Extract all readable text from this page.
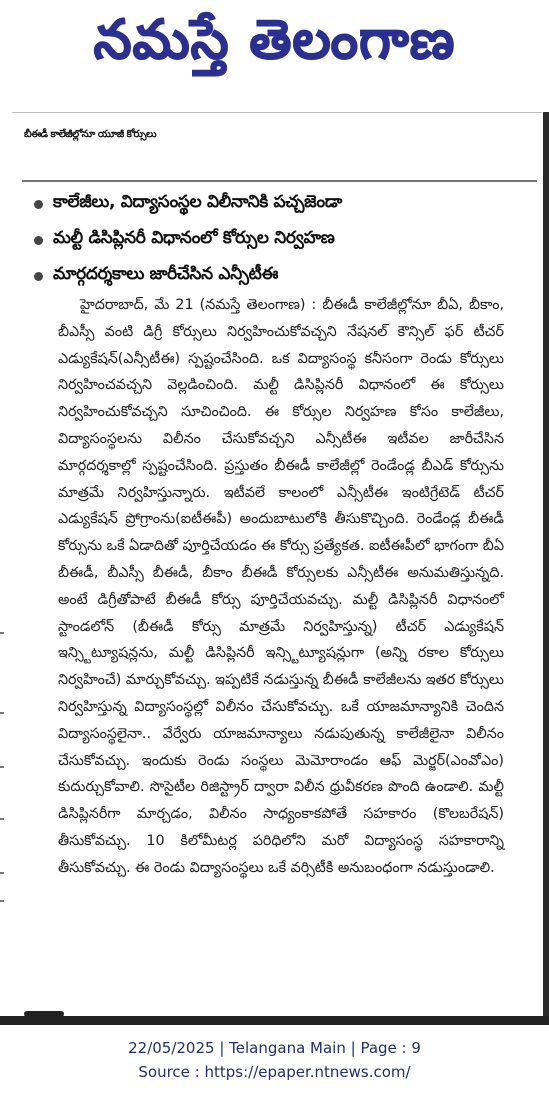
నమస్తే తెలంగాణ
బీఈడీ కాలేజీల్లోనూ యూజీ కోర్సులు
కాలేజీలు, విద్యాసంస్థల విలీనానికి పచ్చజెండా
మల్టీ డిసిప్లినరీ విధానంలో కోర్సుల నిర్వహణ
మార్గదర్శకాలు జారీచేసిన ఎన్సీటీఈ

హైదరాబాద్, మే 21 (నమస్తే తెలంగాణ) : బీఈడీ కాలేజీల్లోనూ బీఏ, బీకాం, బీఎస్సీ వంటి డిగ్రీ కోర్సులు నిర్వహించుకోవచ్చని నేషనల్ కౌన్సిల్ ఫర్ టీచర్ ఎడ్యుకేషన్(ఎన్సీటీఈ) స్పష్టంచేసింది. ఒక విద్యాసంస్థ కనీసంగా రెండు కోర్సులు నిర్వహించవచ్చని వెల్లడించింది. మల్టీ డిసిప్లినరీ విధానంలో ఈ కోర్సులు నిర్వహించుకోవచ్చని సూచించింది. ఈ కోర్సుల నిర్వహణ కోసం కాలేజీలు, విద్యాసంస్థలను విలీనం చేసుకోవచ్చని ఎన్సీటీఈ ఇటీవల జారీచేసిన మార్గదర్శకాల్లో స్పష్టంచేసింది. ప్రస్తుతం బీఈడీ కాలేజీల్లో రెండేండ్ల బీఎడ్ కోర్సును మాత్రమే నిర్వహిస్తున్నారు. ఇటీవలే కాలంలో ఎన్సీటీఈ ఇంటిగ్రేటెడ్ టీచర్ ఎడ్యుకేషన్ ప్రోగ్రాంను(ఐటీఈపీ) అందుబాటులోకి తీసుకొచ్చింది. రెండేండ్ల బీఈడీ కోర్సును ఒకే ఏడాదితో పూర్తిచేయడం ఈ కోర్సు ప్రత్యేకత. ఐటీఈపీలో భాగంగా బీఏ బీఈడీ, బీఎస్సీ బీఈడీ, బీకాం బీఈడీ కోర్సులకు ఎన్సీటీఈ అనుమతిస్తున్నది. అంటే డిగ్రీతోపాటే బీఈడీ కోర్సు పూర్తిచేయవచ్చు. మల్టీ డిసిప్లినరీ విధానంలో స్టాండలోన్ (బీఈడీ కోర్సు మాత్రమే నిర్వహిస్తున్న) టీచర్ ఎడ్యుకేషన్ ఇన్స్టిట్యూషన్లను, మల్టీ డిసిప్లినరీ ఇన్స్టిట్యూషన్లుగా (అన్ని రకాల కోర్సులు నిర్వహించే) మార్చుకోవచ్చు. ఇప్పటికే నడుస్తున్న బీఈడీ కాలేజీలను ఇతర కోర్సులు నిర్వహిస్తున్న విద్యాసంస్థల్లో విలీనం చేసుకోవచ్చు. ఒకే యాజమాన్యానికి చెందిన విద్యాసంస్థలైనా.. వేర్వేరు యాజమాన్యాలు నడుపుతున్న కాలేజీలైనా విలీనం చేసుకోవచ్చు. ఇందుకు రెండు సంస్థలు మెమోరాండం ఆఫ్ మెర్జర్(ఎంవోఎం) కుదుర్చుకోవాలి. సొసైటీల రిజిస్ట్రార్ ద్వారా విలీన ధ్రువీకరణ పొంది ఉండాలి. మల్టీ డిసిప్లినరీగా మార్చడం, విలీనం సాధ్యంకాకపోతే సహకారం (కొలబరేషన్) తీసుకోవచ్చు. 10 కిలోమీటర్ల పరిధిలోని మరో విద్యాసంస్థ సహకారాన్ని తీసుకోవచ్చు. ఈ రెండు విద్యాసంస్థలు ఒకే వర్సిటీకి అనుబంధంగా నడుస్తుండాలి.

22/05/2025 | Telangana Main | Page : 9
Source : https://epaper.ntnews.com/
